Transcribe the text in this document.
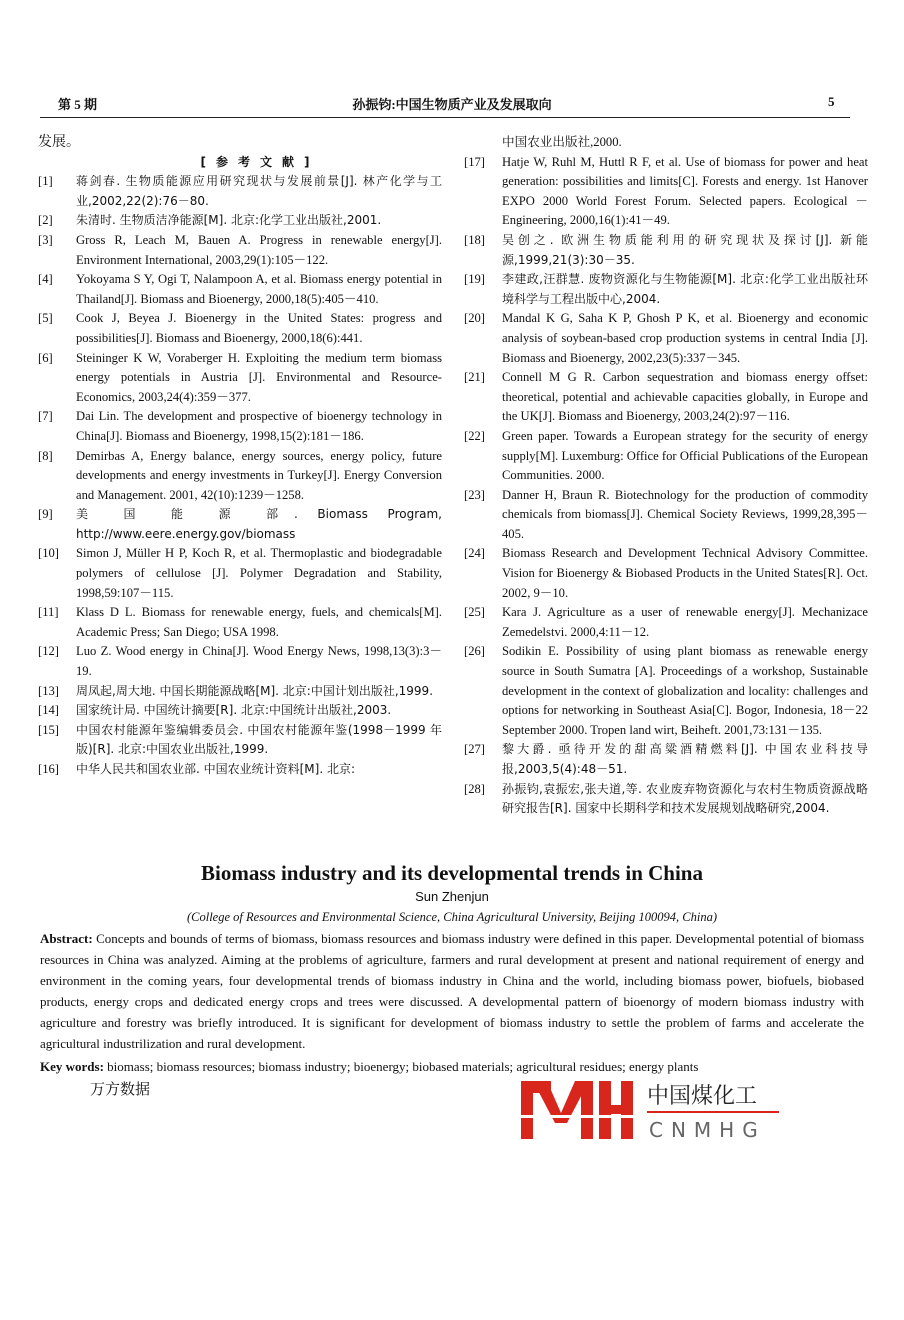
第 5 期	孙振钧:中国生物质产业及发展取向	5
发展。
[参考文献]
[1] 蒋剑春. 生物质能源应用研究现状与发展前景[J]. 林产化学与工业,2002,22(2):76－80.
[2] 朱清时. 生物质洁净能源[M]. 北京:化学工业出版社,2001.
[3] Gross R, Leach M, Bauen A. Progress in renewable energy[J]. Environment International, 2003,29(1):105－122.
[4] Yokoyama S Y, Ogi T, Nalampoon A, et al. Biomass energy potential in Thailand[J]. Biomass and Bioenergy, 2000,18(5):405－410.
[5] Cook J, Beyea J. Bioenergy in the United States: progress and possibilities[J]. Biomass and Bioenergy, 2000,18(6):441.
[6] Steininger K W, Voraberger H. Exploiting the medium term biomass energy potentials in Austria [J]. Environmental and Resource-Economics, 2003,24(4):359－377.
[7] Dai Lin. The development and prospective of bioenergy technology in China[J]. Biomass and Bioenergy, 1998,15(2):181－186.
[8] Demirbas A, Energy balance, energy sources, energy policy, future developments and energy investments in Turkey[J]. Energy Conversion and Management. 2001, 42(10):1239－1258.
[9] 美 国 能 源 部. Biomass Program, http://www.eere.energy.gov/biomass
[10] Simon J, Müller H P, Koch R, et al. Thermoplastic and biodegradable polymers of cellulose [J]. Polymer Degradation and Stability, 1998,59:107－115.
[11] Klass D L. Biomass for renewable energy, fuels, and chemicals[M]. Academic Press; San Diego; USA 1998.
[12] Luo Z. Wood energy in China[J]. Wood Energy News, 1998,13(3):3－19.
[13] 周凤起,周大地. 中国长期能源战略[M]. 北京:中国计划出版社,1999.
[14] 国家统计局. 中国统计摘要[R]. 北京:中国统计出版社,2003.
[15] 中国农村能源年鉴编辑委员会. 中国农村能源年鉴(1998－1999 年版)[R]. 北京:中国农业出版社,1999.
[16] 中华人民共和国农业部. 中国农业统计资料[M]. 北京:
中国农业出版社,2000.
[17] Hatje W, Ruhl M, Huttl R F, et al. Use of biomass for power and heat generation: possibilities and limits[C]. Forests and energy. 1st Hanover EXPO 2000 World Forest Forum. Selected papers. Ecological － Engineering, 2000,16(1):41－49.
[18] 吴创之. 欧洲生物质能利用的研究现状及探讨[J]. 新能源,1999,21(3):30－35.
[19] 李建政,汪群慧. 废物资源化与生物能源[M]. 北京:化学工业出版社环境科学与工程出版中心,2004.
[20] Mandal K G, Saha K P, Ghosh P K, et al. Bioenergy and economic analysis of soybean-based crop production systems in central India [J]. Biomass and Bioenergy, 2002,23(5):337－345.
[21] Connell M G R. Carbon sequestration and biomass energy offset: theoretical, potential and achievable capacities globally, in Europe and the UK[J]. Biomass and Bioenergy, 2003,24(2):97－116.
[22] Green paper. Towards a European strategy for the security of energy supply[M]. Luxemburg: Office for Official Publications of the European Communities. 2000.
[23] Danner H, Braun R. Biotechnology for the production of commodity chemicals from biomass[J]. Chemical Society Reviews, 1999,28,395－405.
[24] Biomass Research and Development Technical Advisory Committee. Vision for Bioenergy & Biobased Products in the United States[R]. Oct. 2002, 9－10.
[25] Kara J. Agriculture as a user of renewable energy[J]. Mechanizace Zemedelstvi. 2000,4:11－12.
[26] Sodikin E. Possibility of using plant biomass as renewable energy source in South Sumatra [A]. Proceedings of a workshop, Sustainable development in the context of globalization and locality: challenges and options for networking in Southeast Asia[C]. Bogor, Indonesia, 18－22 September 2000. Tropen land wirt, Beiheft. 2001,73:131－135.
[27] 黎大爵. 亟待开发的甜高粱酒精燃料[J]. 中国农业科技导报,2003,5(4):48－51.
[28] 孙振钧,袁振宏,张夫道,等. 农业废弃物资源化与农村生物质资源战略研究报告[R]. 国家中长期科学和技术发展规划战略研究,2004.
Biomass industry and its developmental trends in China
Sun Zhenjun
(College of Resources and Environmental Science, China Agricultural University, Beijing 100094, China)
Abstract: Concepts and bounds of terms of biomass, biomass resources and biomass industry were defined in this paper. Developmental potential of biomass resources in China was analyzed. Aiming at the problems of agriculture, farmers and rural development at present and national requirement of energy and environment in the coming years, four developmental trends of biomass industry in China and the world, including biomass power, biofuels, biobased products, energy crops and dedicated energy crops and trees were discussed. A developmental pattern of bioenorgy of modern biomass industry with agriculture and forestry was briefly introduced. It is significant for development of biomass industry to settle the problem of farms and accelerate the agricultural industrilization and rural development.
Key words: biomass; biomass resources; biomass industry; bioenergy; biobased materials; agricultural residues; energy plants
万方数据	中国煤化工
CNMHG
